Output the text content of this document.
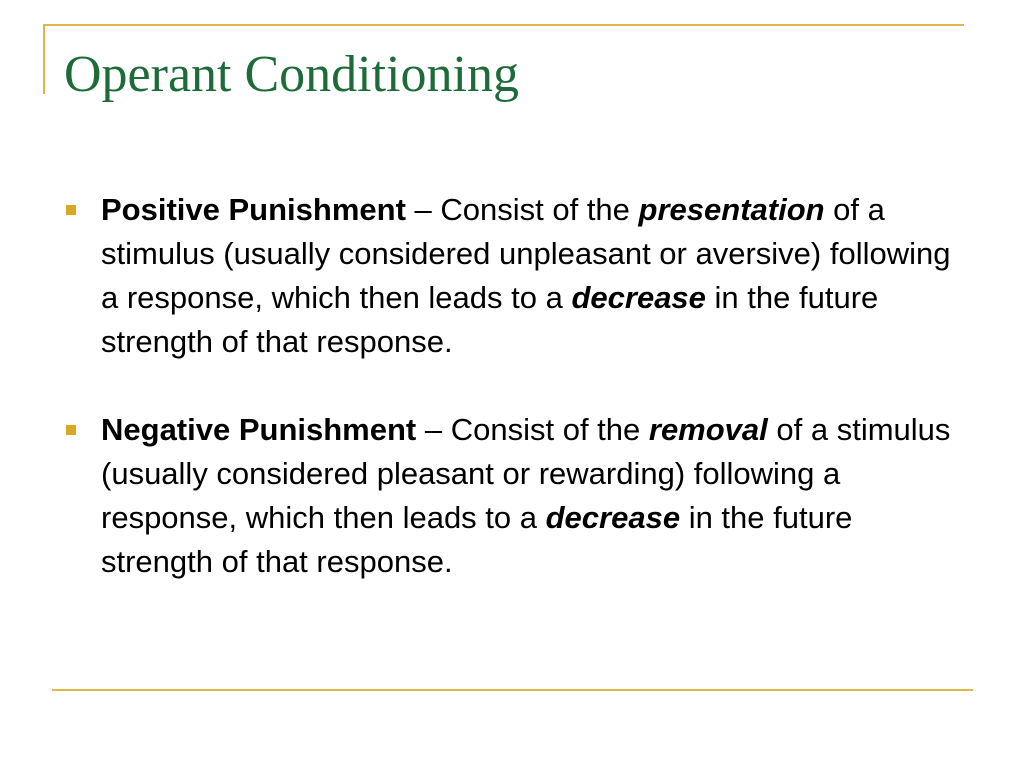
Operant Conditioning
Positive Punishment – Consist of the presentation of a stimulus (usually considered unpleasant or aversive) following a response, which then leads to a decrease in the future strength of that response.
Negative Punishment – Consist of the removal of a stimulus (usually considered pleasant or rewarding) following a response, which then leads to a decrease in the future strength of that response.
